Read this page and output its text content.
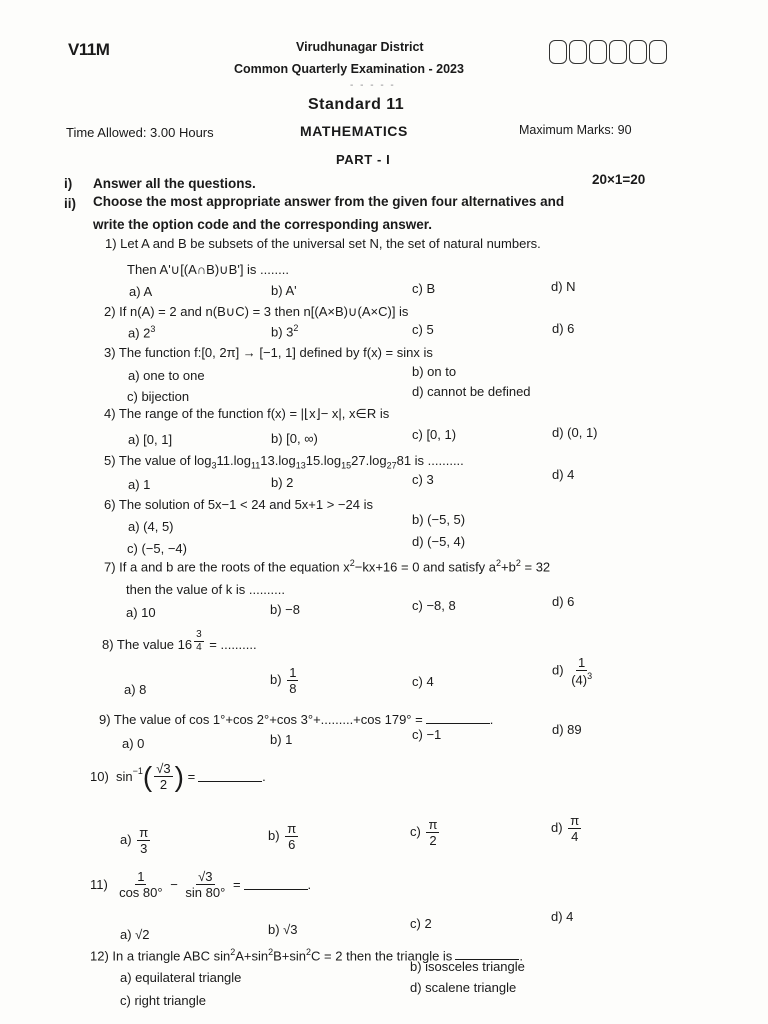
V11M	Virudhunagar District
Common Quarterly Examination - 2023
- - - - -
Standard 11
Time Allowed: 3.00 Hours	MATHEMATICS	Maximum Marks: 90
PART - I
i) Answer all the questions.	20×1=20
ii) Choose the most appropriate answer from the given four alternatives and
write the option code and the corresponding answer.
1) Let A and B be subsets of the universal set N, the set of natural numbers.
Then A'∪[(A∩B)∪B'] is ........
a) A	b) A'	c) B	d) N
2) If n(A) = 2 and n(B∪C) = 3 then n[(A×B)∪(A×C)] is
a) $2^3$	b) $3^2$	c) 5	d) 6
3) The function f:[0, 2π] → [−1, 1] defined by f(x) = sinx is
a) one to one	b) on to
c) bijection	d) cannot be defined
4) The range of the function f(x) = |⌊x⌋− x|, x∈R is
a) [0, 1]	b) [0, ∞)	c) [0, 1)	d) (0, 1)
5) The value of $\log_311.\log_{11}13.\log_{13}15.\log_{15}27.\log_{27}81$ is ..........
a) 1	b) 2	c) 3	d) 4
6) The solution of 5x−1 < 24 and 5x+1 > −24 is
a) (4, 5)	b) (−5, 5)
c) (−5, −4)	d) (−5, 4)
7) If a and b are the roots of the equation $x^2-kx+16 = 0$ and satisfy $a^2+b^2 = 32$
then the value of k is ..........
a) 10	b) −8	c) −8, 8	d) 6
8) The value $16 \frac{3}{4}$ = ..........
a) 8
$b) \frac{1}{8}$	c) 4
$d) \frac{1}{(4)^3}$
9) The value of cos 1°+cos 2°+cos 3°+.........+cos 179° =	.
a) 0	b) 1	c) −1	d) 89
10)
$\sin^{-1}$ ( $\frac{√3}{2}$ )
=	.
$a) \frac{\pi}{3}$	$b) \frac{\pi}{6}$	$c) \frac{\pi}{2}$	$d) \frac{\pi}{4}$
11)
$\frac{1}{\cos 80^\circ}$
−
$\frac{√3}{\sin 80^\circ}$
=	.
a) √2	b) √3	c) 2	d) 4
12) In a triangle ABC $\sin^2A+\sin^2B+\sin^2C = 2$ then the triangle is	.
a) equilateral triangle
b) isosceles triangle
c) right triangle
d) scalene triangle
